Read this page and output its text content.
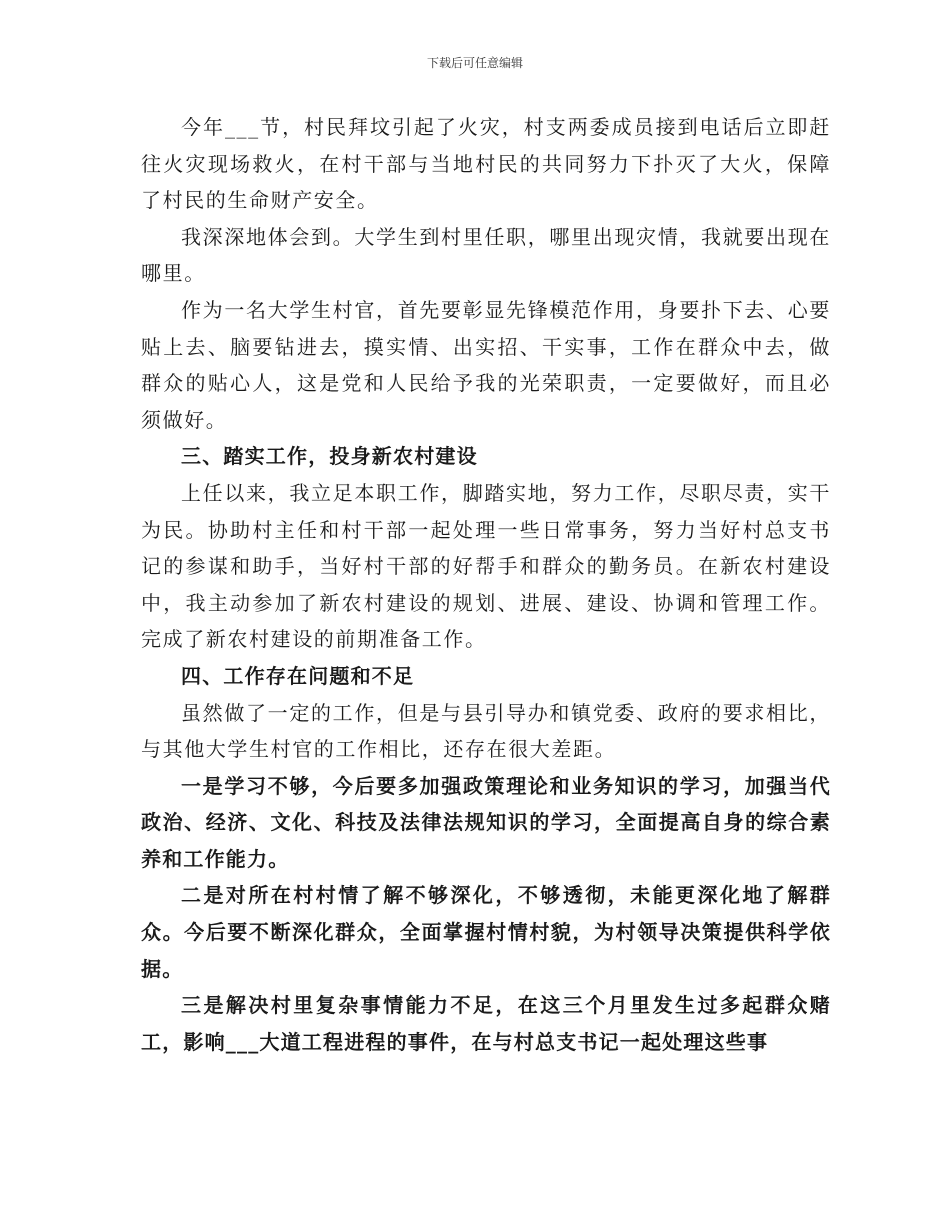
下载后可任意编辑

今年___节，村民拜坟引起了火灾，村支两委成员接到电话后立即赶往火灾现场救火，在村干部与当地村民的共同努力下扑灭了大火，保障了村民的生命财产安全。

我深深地体会到。大学生到村里任职，哪里出现灾情，我就要出现在哪里。

作为一名大学生村官，首先要彰显先锋模范作用，身要扑下去、心要贴上去、脑要钻进去，摸实情、出实招、干实事，工作在群众中去，做群众的贴心人，这是党和人民给予我的光荣职责，一定要做好，而且必须做好。

三、踏实工作，投身新农村建设

上任以来，我立足本职工作，脚踏实地，努力工作，尽职尽责，实干为民。协助村主任和村干部一起处理一些日常事务，努力当好村总支书记的参谋和助手，当好村干部的好帮手和群众的勤务员。在新农村建设中，我主动参加了新农村建设的规划、进展、建设、协调和管理工作。完成了新农村建设的前期准备工作。

四、工作存在问题和不足

虽然做了一定的工作，但是与县引导办和镇党委、政府的要求相比，与其他大学生村官的工作相比，还存在很大差距。

一是学习不够，今后要多加强政策理论和业务知识的学习，加强当代政治、经济、文化、科技及法律法规知识的学习，全面提高自身的综合素养和工作能力。

二是对所在村村情了解不够深化，不够透彻，未能更深化地了解群众。今后要不断深化群众，全面掌握村情村貌，为村领导决策提供科学依据。

三是解决村里复杂事情能力不足，在这三个月里发生过多起群众赌工，影响___大道工程进程的事件，在与村总支书记一起处理这些事
